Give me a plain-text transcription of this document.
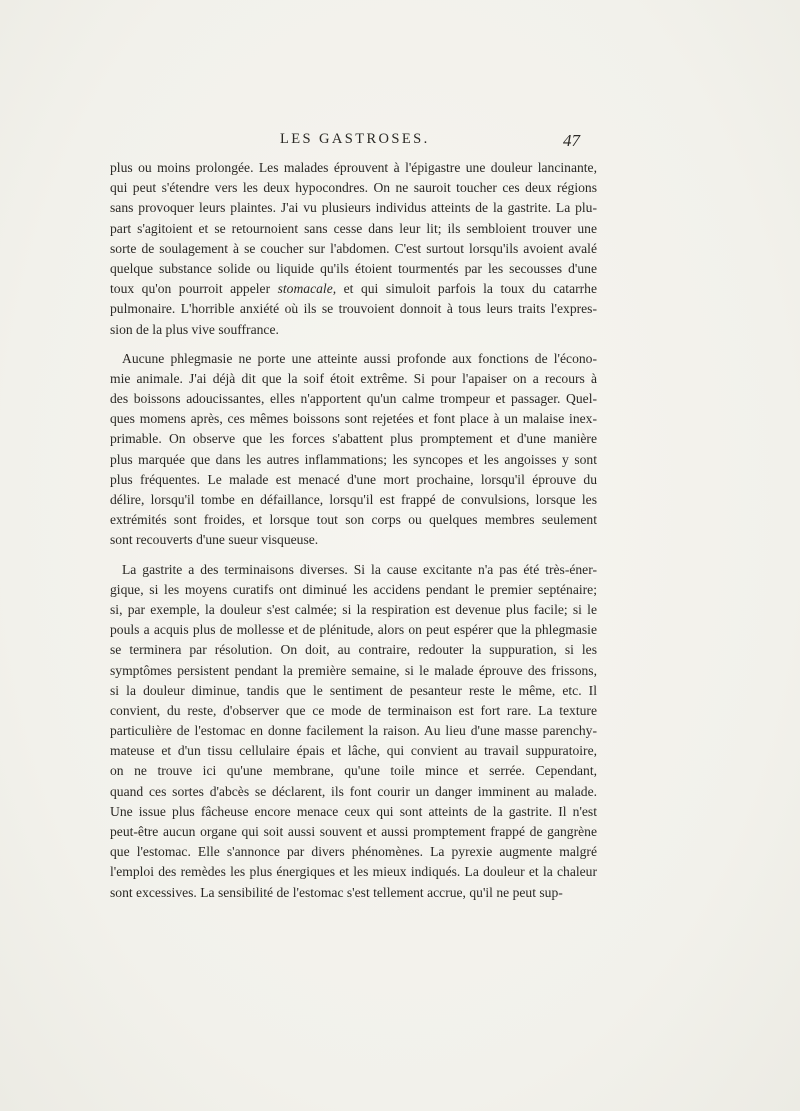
LES GASTROSES.	47
plus ou moins prolongée. Les malades éprouvent à l'épigastre une douleur lancinante,
qui peut s'étendre vers les deux hypocondres. On ne sauroit toucher ces deux régions
sans provoquer leurs plaintes. J'ai vu plusieurs individus atteints de la gastrite. La plu-
part s'agitoient et se retournoient sans cesse dans leur lit; ils sembloient trouver une
sorte de soulagement à se coucher sur l'abdomen. C'est surtout lorsqu'ils avoient avalé
quelque substance solide ou liquide qu'ils étoient tourmentés par les secousses d'une
toux qu'on pourroit appeler stomacale, et qui simuloit parfois la toux du catarrhe
pulmonaire. L'horrible anxiété où ils se trouvoient donnoit à tous leurs traits l'expres-
sion de la plus vive souffrance.
Aucune phlegmasie ne porte une atteinte aussi profonde aux fonctions de l'écono-
mie animale. J'ai déjà dit que la soif étoit extrême. Si pour l'apaiser on a recours à
des boissons adoucissantes, elles n'apportent qu'un calme trompeur et passager. Quel-
ques momens après, ces mêmes boissons sont rejetées et font place à un malaise inex-
primable. On observe que les forces s'abattent plus promptement et d'une manière
plus marquée que dans les autres inflammations; les syncopes et les angoisses y sont
plus fréquentes. Le malade est menacé d'une mort prochaine, lorsqu'il éprouve du
délire, lorsqu'il tombe en défaillance, lorsqu'il est frappé de convulsions, lorsque les
extrémités sont froides, et lorsque tout son corps ou quelques membres seulement
sont recouverts d'une sueur visqueuse.
La gastrite a des terminaisons diverses. Si la cause excitante n'a pas été très-éner-
gique, si les moyens curatifs ont diminué les accidens pendant le premier septénaire;
si, par exemple, la douleur s'est calmée; si la respiration est devenue plus facile; si le
pouls a acquis plus de mollesse et de plénitude, alors on peut espérer que la phlegmasie
se terminera par résolution. On doit, au contraire, redouter la suppuration, si les
symptômes persistent pendant la première semaine, si le malade éprouve des frissons,
si la douleur diminue, tandis que le sentiment de pesanteur reste le même, etc. Il
convient, du reste, d'observer que ce mode de terminaison est fort rare. La texture
particulière de l'estomac en donne facilement la raison. Au lieu d'une masse parenchy-
mateuse et d'un tissu cellulaire épais et lâche, qui convient au travail suppuratoire,
on ne trouve ici qu'une membrane, qu'une toile mince et serrée. Cependant,
quand ces sortes d'abcès se déclarent, ils font courir un danger imminent au malade.
Une issue plus fâcheuse encore menace ceux qui sont atteints de la gastrite. Il n'est
peut-être aucun organe qui soit aussi souvent et aussi promptement frappé de gangrène
que l'estomac. Elle s'annonce par divers phénomènes. La pyrexie augmente malgré
l'emploi des remèdes les plus énergiques et les mieux indiqués. La douleur et la chaleur
sont excessives. La sensibilité de l'estomac s'est tellement accrue, qu'il ne peut sup-
